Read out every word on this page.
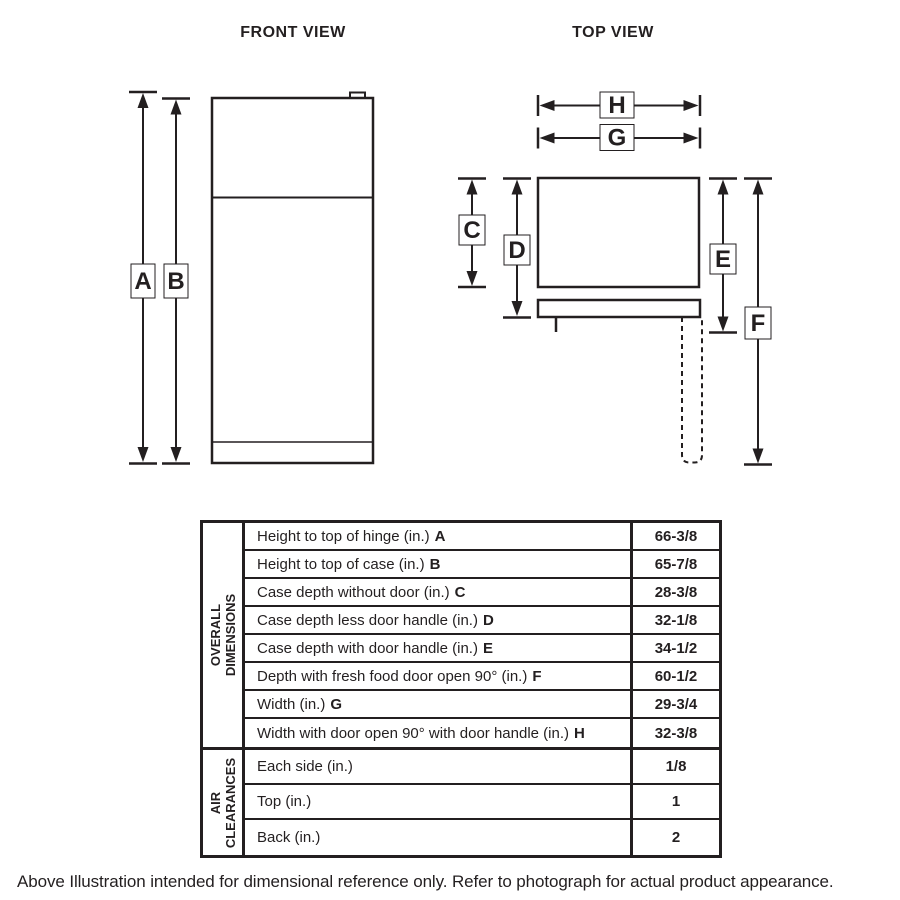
FRONT VIEW	TOP VIEW
A B
H
G
C
D	E
F
OVERALL DIMENSIONS
Height to top of hinge (in.) A	66-3/8
Height to top of case (in.) B	65-7/8
Case depth without door (in.) C	28-3/8
Case depth less door handle (in.) D	32-1/8
Case depth with door handle (in.) E	34-1/2
Depth with fresh food door open 90° (in.) F	60-1/2
Width (in.) G	29-3/4
Width with door open 90° with door handle (in.) H	32-3/8
AIR CLEARANCES Each side (in.)	1/8
Top (in.)	1
Back (in.)	2
Above Illustration intended for dimensional reference only. Refer to photograph for actual product appearance.
